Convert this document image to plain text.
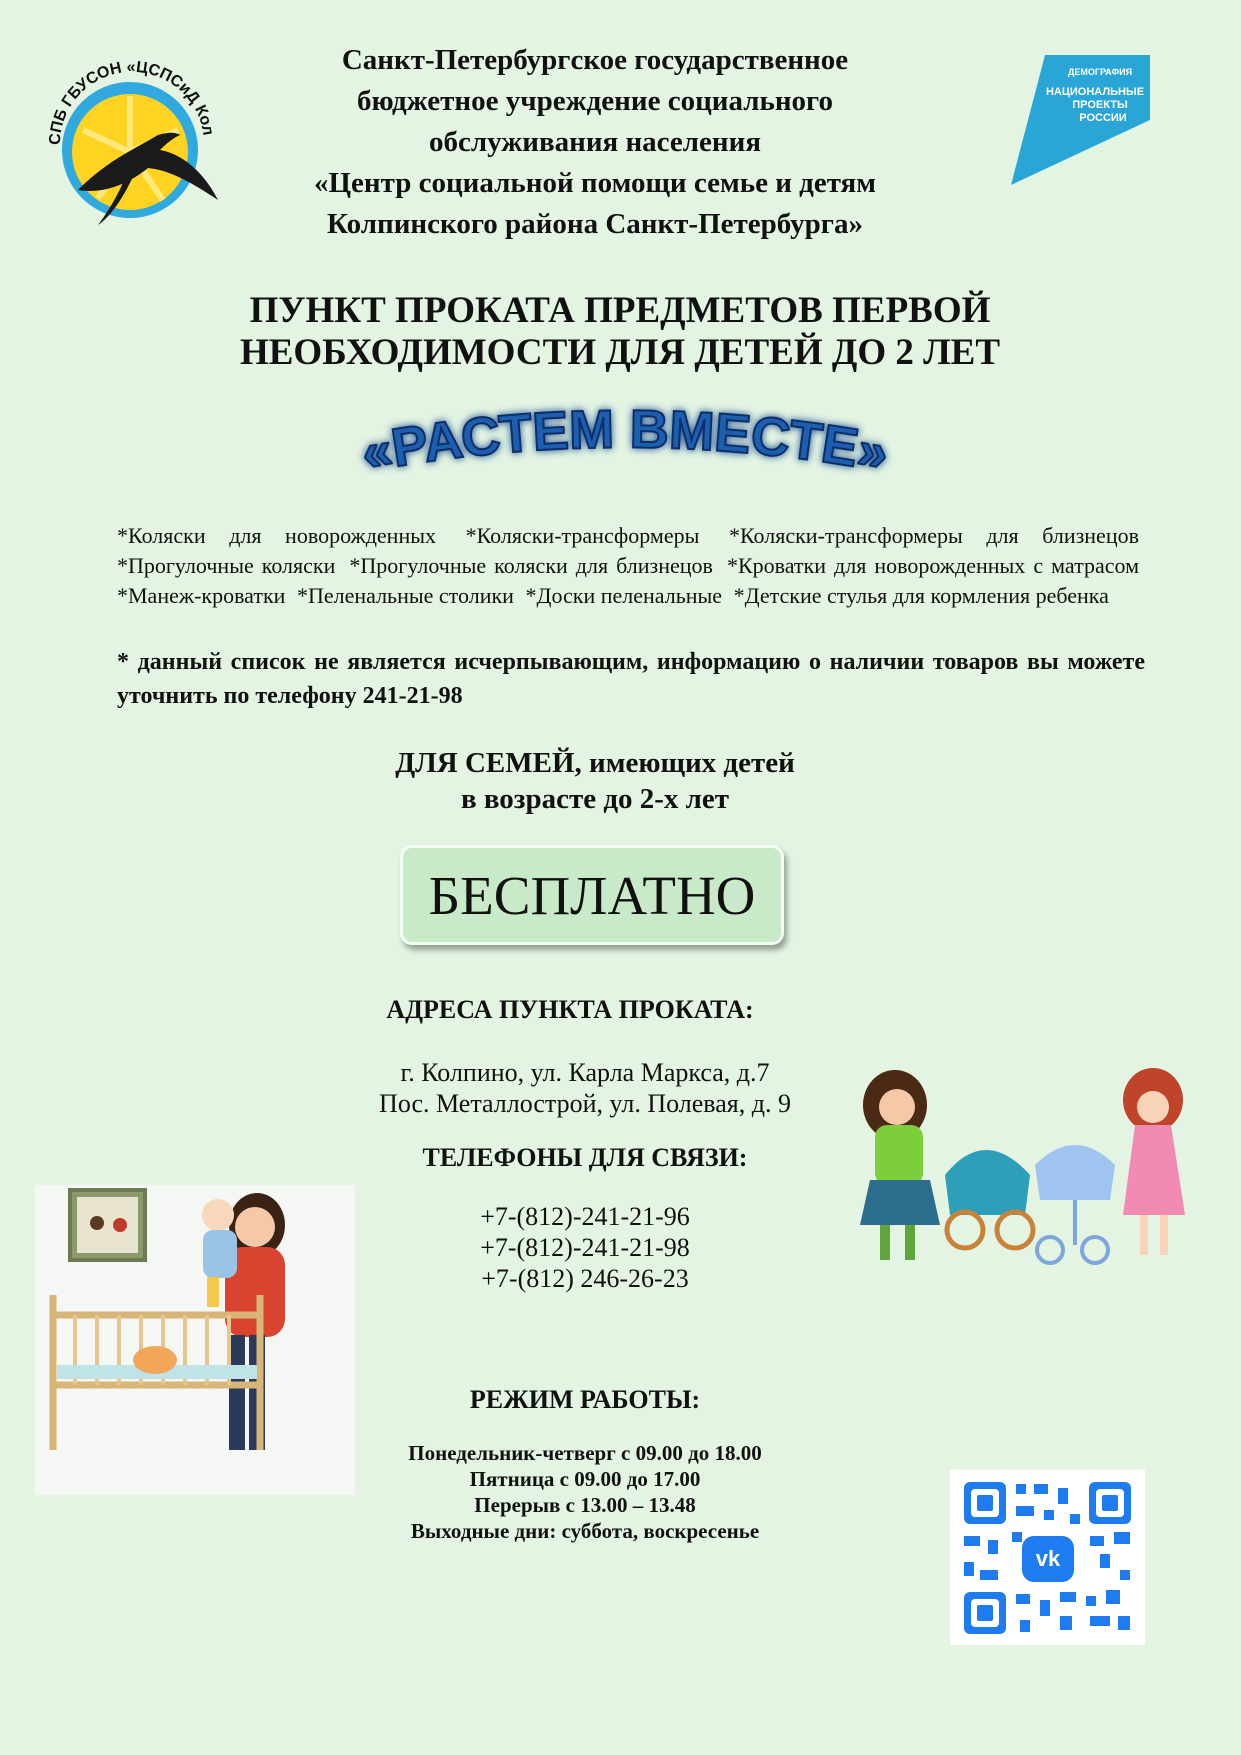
СПБ ГБУСОН «ЦСПСиД Кол
ДЕМОГРАФИЯ
НАЦИОНАЛЬНЫЕ
ПРОЕКТЫ
РОССИИ
Санкт-Петербургское государственное
бюджетное учреждение социального
обслуживания населения
«Центр социальной помощи семье и детям
Колпинского района Санкт-Петербурга»
ПУНКТ ПРОКАТА ПРЕДМЕТОВ ПЕРВОЙ
НЕОБХОДИМОСТИ ДЛЯ ДЕТЕЙ ДО 2 ЛЕТ
«РАСТЕМ ВМЕСТЕ»
*Коляски для новорожденных *Коляски-трансформеры *Коляски-трансформеры для близнецов *Прогулочные коляски *Прогулочные коляски для близнецов *Кроватки для новорожденных с матрасом *Манеж-кроватки *Пеленальные столики *Доски пеленальные *Детские стулья для кормления ребенка
* данный список не является исчерпывающим, информацию о наличии товаров вы можете уточнить по телефону 241-21-98
ДЛЯ СЕМЕЙ, имеющих детей
в возрасте до 2-х лет
БЕСПЛАТНО
АДРЕСА ПУНКТА ПРОКАТА:
г. Колпино, ул. Карла Маркса, д.7
Пос. Металлострой, ул. Полевая, д. 9
ТЕЛЕФОНЫ ДЛЯ СВЯЗИ:
+7-(812)-241-21-96
+7-(812)-241-21-98
+7-(812) 246-26-23
РЕЖИМ РАБОТЫ:
Понедельник-четверг с 09.00 до 18.00
Пятница с 09.00 до 17.00
Перерыв с 13.00 – 13.48
Выходные дни: суббота, воскресенье
vk
